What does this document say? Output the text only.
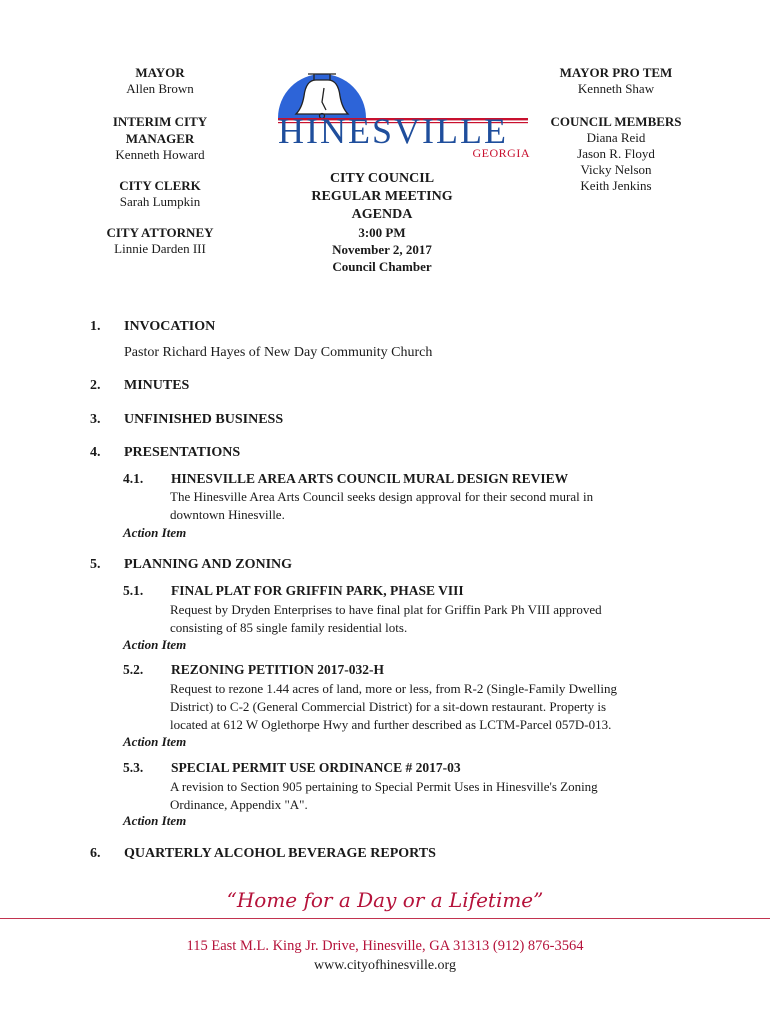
MAYOR
Allen Brown
INTERIM CITY
MANAGER
Kenneth Howard
CITY CLERK
Sarah Lumpkin
CITY ATTORNEY
Linnie Darden III
MAYOR PRO TEM
Kenneth Shaw
COUNCIL MEMBERS
Diana Reid
Jason R. Floyd
Vicky Nelson
Keith Jenkins
HINESVILLE
GEORGIA
CITY COUNCIL
REGULAR MEETING
AGENDA
3:00 PM
November 2, 2017
Council Chamber
1. INVOCATION
Pastor Richard Hayes of New Day Community Church
2. MINUTES
3. UNFINISHED BUSINESS
4. PRESENTATIONS
4.1. HINESVILLE AREA ARTS COUNCIL MURAL DESIGN REVIEW
The Hinesville Area Arts Council seeks design approval for their second mural in
downtown Hinesville.
Action Item
5. PLANNING AND ZONING
5.1. FINAL PLAT FOR GRIFFIN PARK, PHASE VIII
Request by Dryden Enterprises to have final plat for Griffin Park Ph VIII approved
consisting of 85 single family residential lots.
Action Item
5.2. REZONING PETITION 2017-032-H
Request to rezone 1.44 acres of land, more or less, from R-2 (Single-Family Dwelling
District) to C-2 (General Commercial District) for a sit-down restaurant. Property is
located at 612 W Oglethorpe Hwy and further described as LCTM-Parcel 057D-013.
Action Item
5.3. SPECIAL PERMIT USE ORDINANCE # 2017-03
A revision to Section 905 pertaining to Special Permit Uses in Hinesville's Zoning
Ordinance, Appendix "A".
Action Item
6. QUARTERLY ALCOHOL BEVERAGE REPORTS
“Home for a Day or a Lifetime”
115 East M.L. King Jr. Drive, Hinesville, GA 31313 (912) 876-3564
www.cityofhinesville.org
